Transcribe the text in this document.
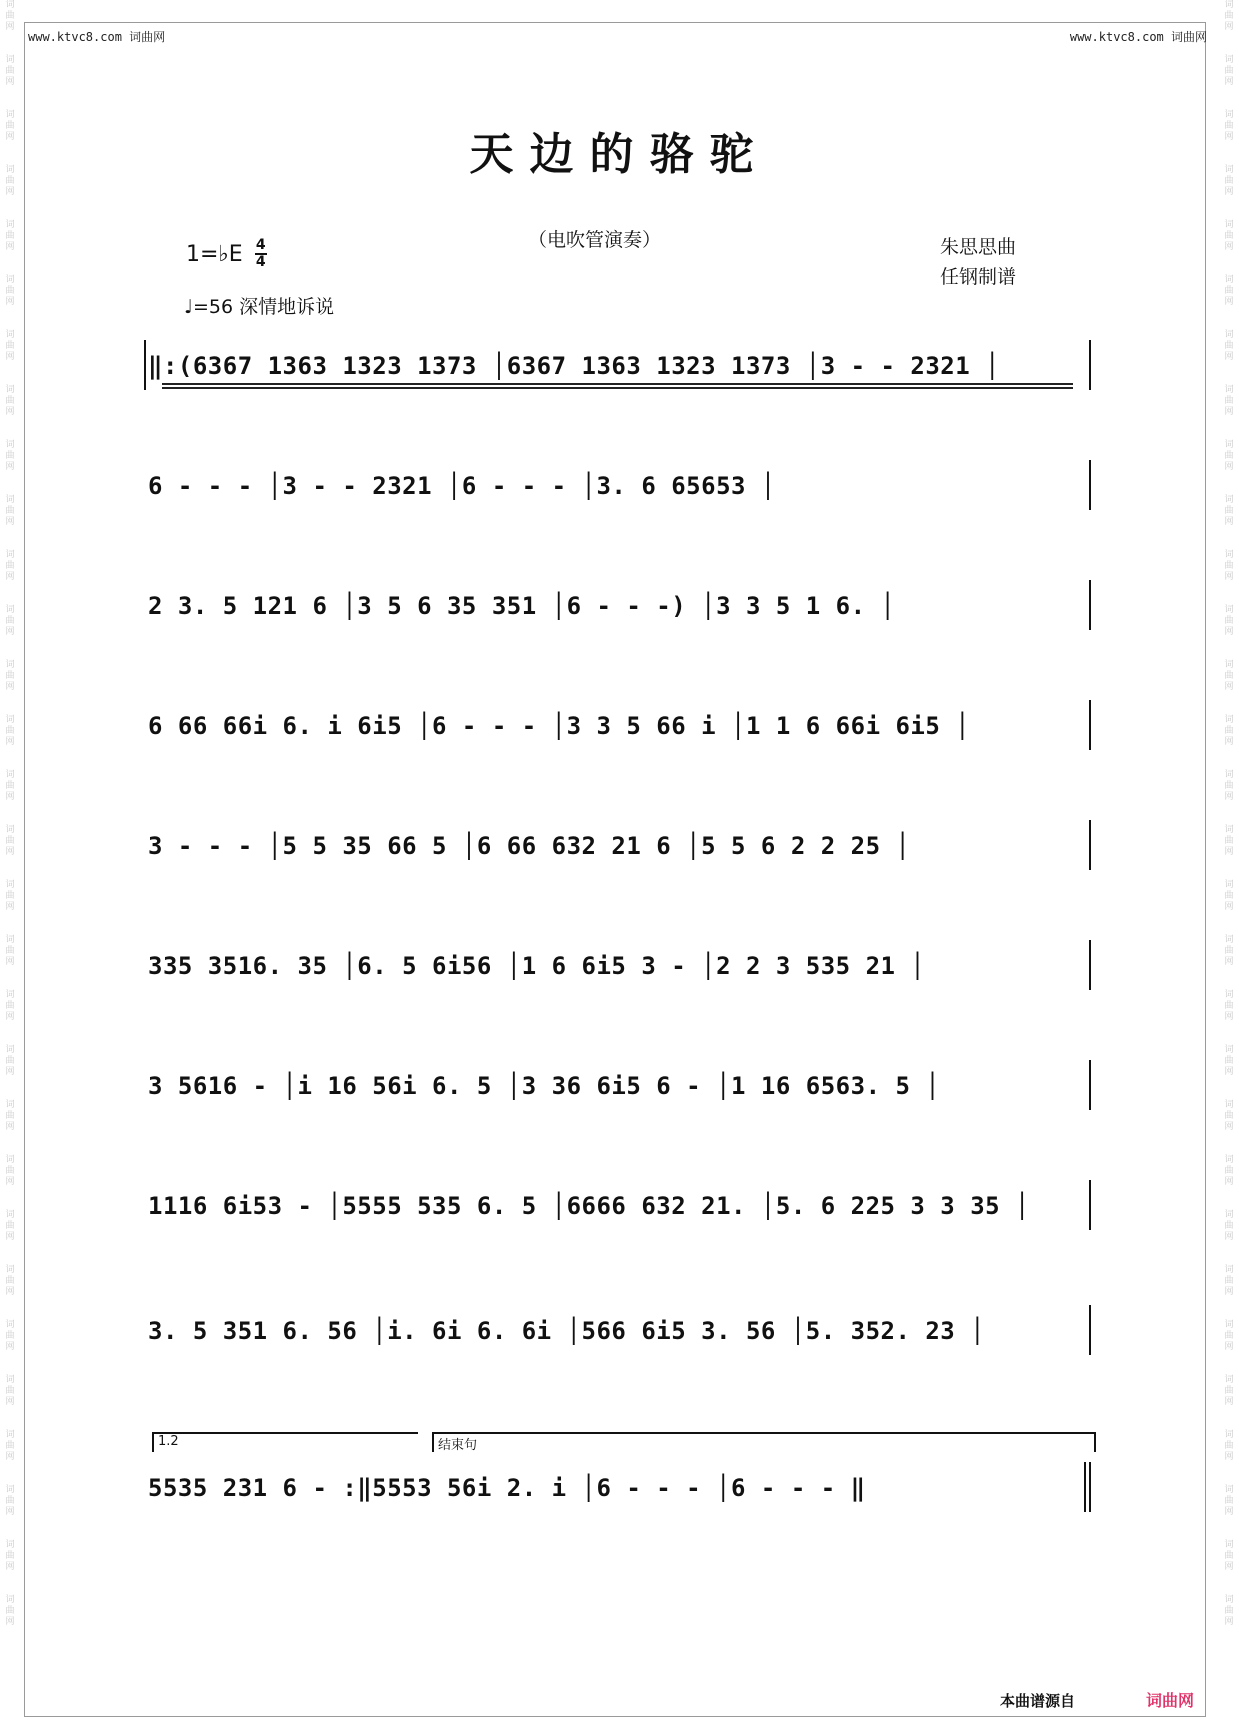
词曲网
词曲网
词曲网
词曲网
词曲网
词曲网
词曲网
词曲网
词曲网
词曲网
词曲网
词曲网
词曲网
词曲网
词曲网
词曲网
词曲网
词曲网
词曲网
词曲网
词曲网
词曲网
词曲网
词曲网
词曲网
词曲网
词曲网
词曲网
词曲网
词曲网
词曲网
词曲网
词曲网
词曲网
词曲网
词曲网
词曲网
词曲网
词曲网
词曲网
词曲网
词曲网
词曲网
词曲网
词曲网
词曲网
词曲网
词曲网
词曲网
词曲网
词曲网
词曲网
词曲网
词曲网
词曲网
词曲网
词曲网
词曲网
词曲网
词曲网
www.ktvc8.com 词曲网	www.ktvc8.com 词曲网
天边的骆驼
1=♭E 4
4
（电吹管演奏）	朱思思曲
任钢制谱
♩=56 深情地诉说
‖:(6367 1363 1323 1373 │6367 1363 1323 1373 │3 - - 2321 │
6 - - - │3 - - 2321 │6 - - - │3. 6 65653 │
2 3. 5 121 6 │3 5 6 35 351 │6 - - -) │3 3 5 1 6. │
6 66 66i 6. i 6i5 │6 - - - │3 3 5 66 i │1 1 6 66i 6i5 │
3 - - - │5 5 35 66 5 │6 66 632 21 6 │5 5 6 2 2 25 │
335 3516. 35 │6. 5 6i56 │1 6 6i5 3 - │2 2 3 535 21 │
3 5616 - │i 16 56i 6. 5 │3 36 6i5 6 - │1 16 6563. 5 │
1116 6i53 - │5555 535 6. 5 │6666 632 21. │5. 6 225 3 3 35 │
3. 5 351 6. 56 │i. 6i 6. 6i │566 6i5 3. 56 │5. 352. 23 │
1.2	结束句
5535 231 6 - :‖5553 56i 2. i │6 - - - │6 - - - ‖
本曲谱源自	词曲网
